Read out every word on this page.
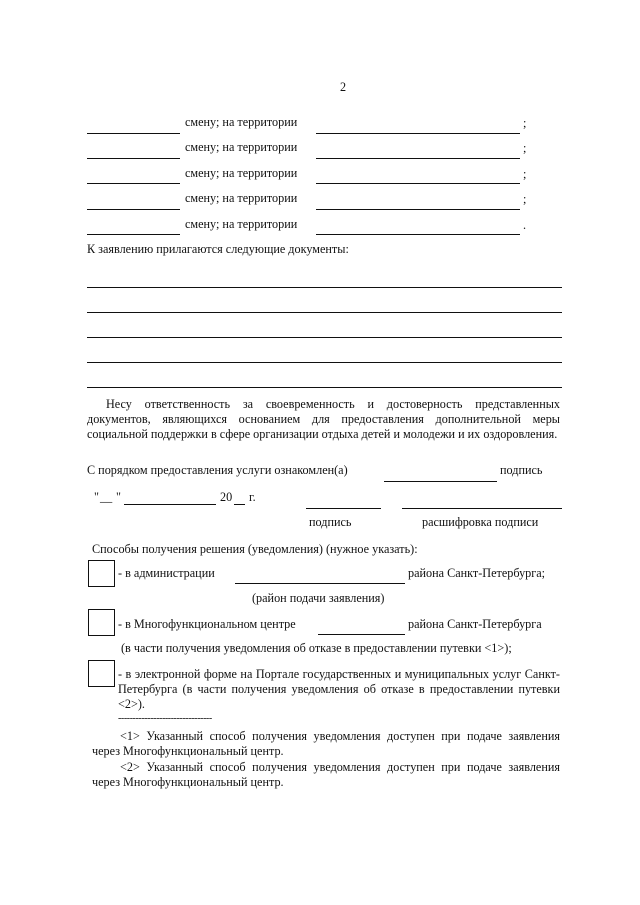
2
смену; на территории	;
смену; на территории	;
смену; на территории	;
смену; на территории	;
смену; на территории	.
К заявлению прилагаются следующие документы:
Несу ответственность за своевременность и достоверность представленных документов, являющихся основанием для предоставления дополнительной меры социальной поддержки в сфере организации отдыха детей и молодежи и их оздоровления.
С порядком предоставления услуги ознакомлен(а)	подпись
" __ "	20 г.
подпись	расшифровка подписи
Способы получения решения (уведомления) (нужное указать):
- в администрации	района Санкт-Петербурга;
(район подачи заявления)
- в Многофункциональном центре	района Санкт-Петербурга
(в части получения уведомления об отказе в предоставлении путевки <1>);
- в электронной форме на Портале государственных и муниципальных услуг Санкт-Петербурга (в части получения уведомления об отказе в предоставлении путевки <2>).
--------------------------------
<1> Указанный способ получения уведомления доступен при подаче заявления через Многофункциональный центр.
<2> Указанный способ получения уведомления доступен при подаче заявления через Многофункциональный центр.
